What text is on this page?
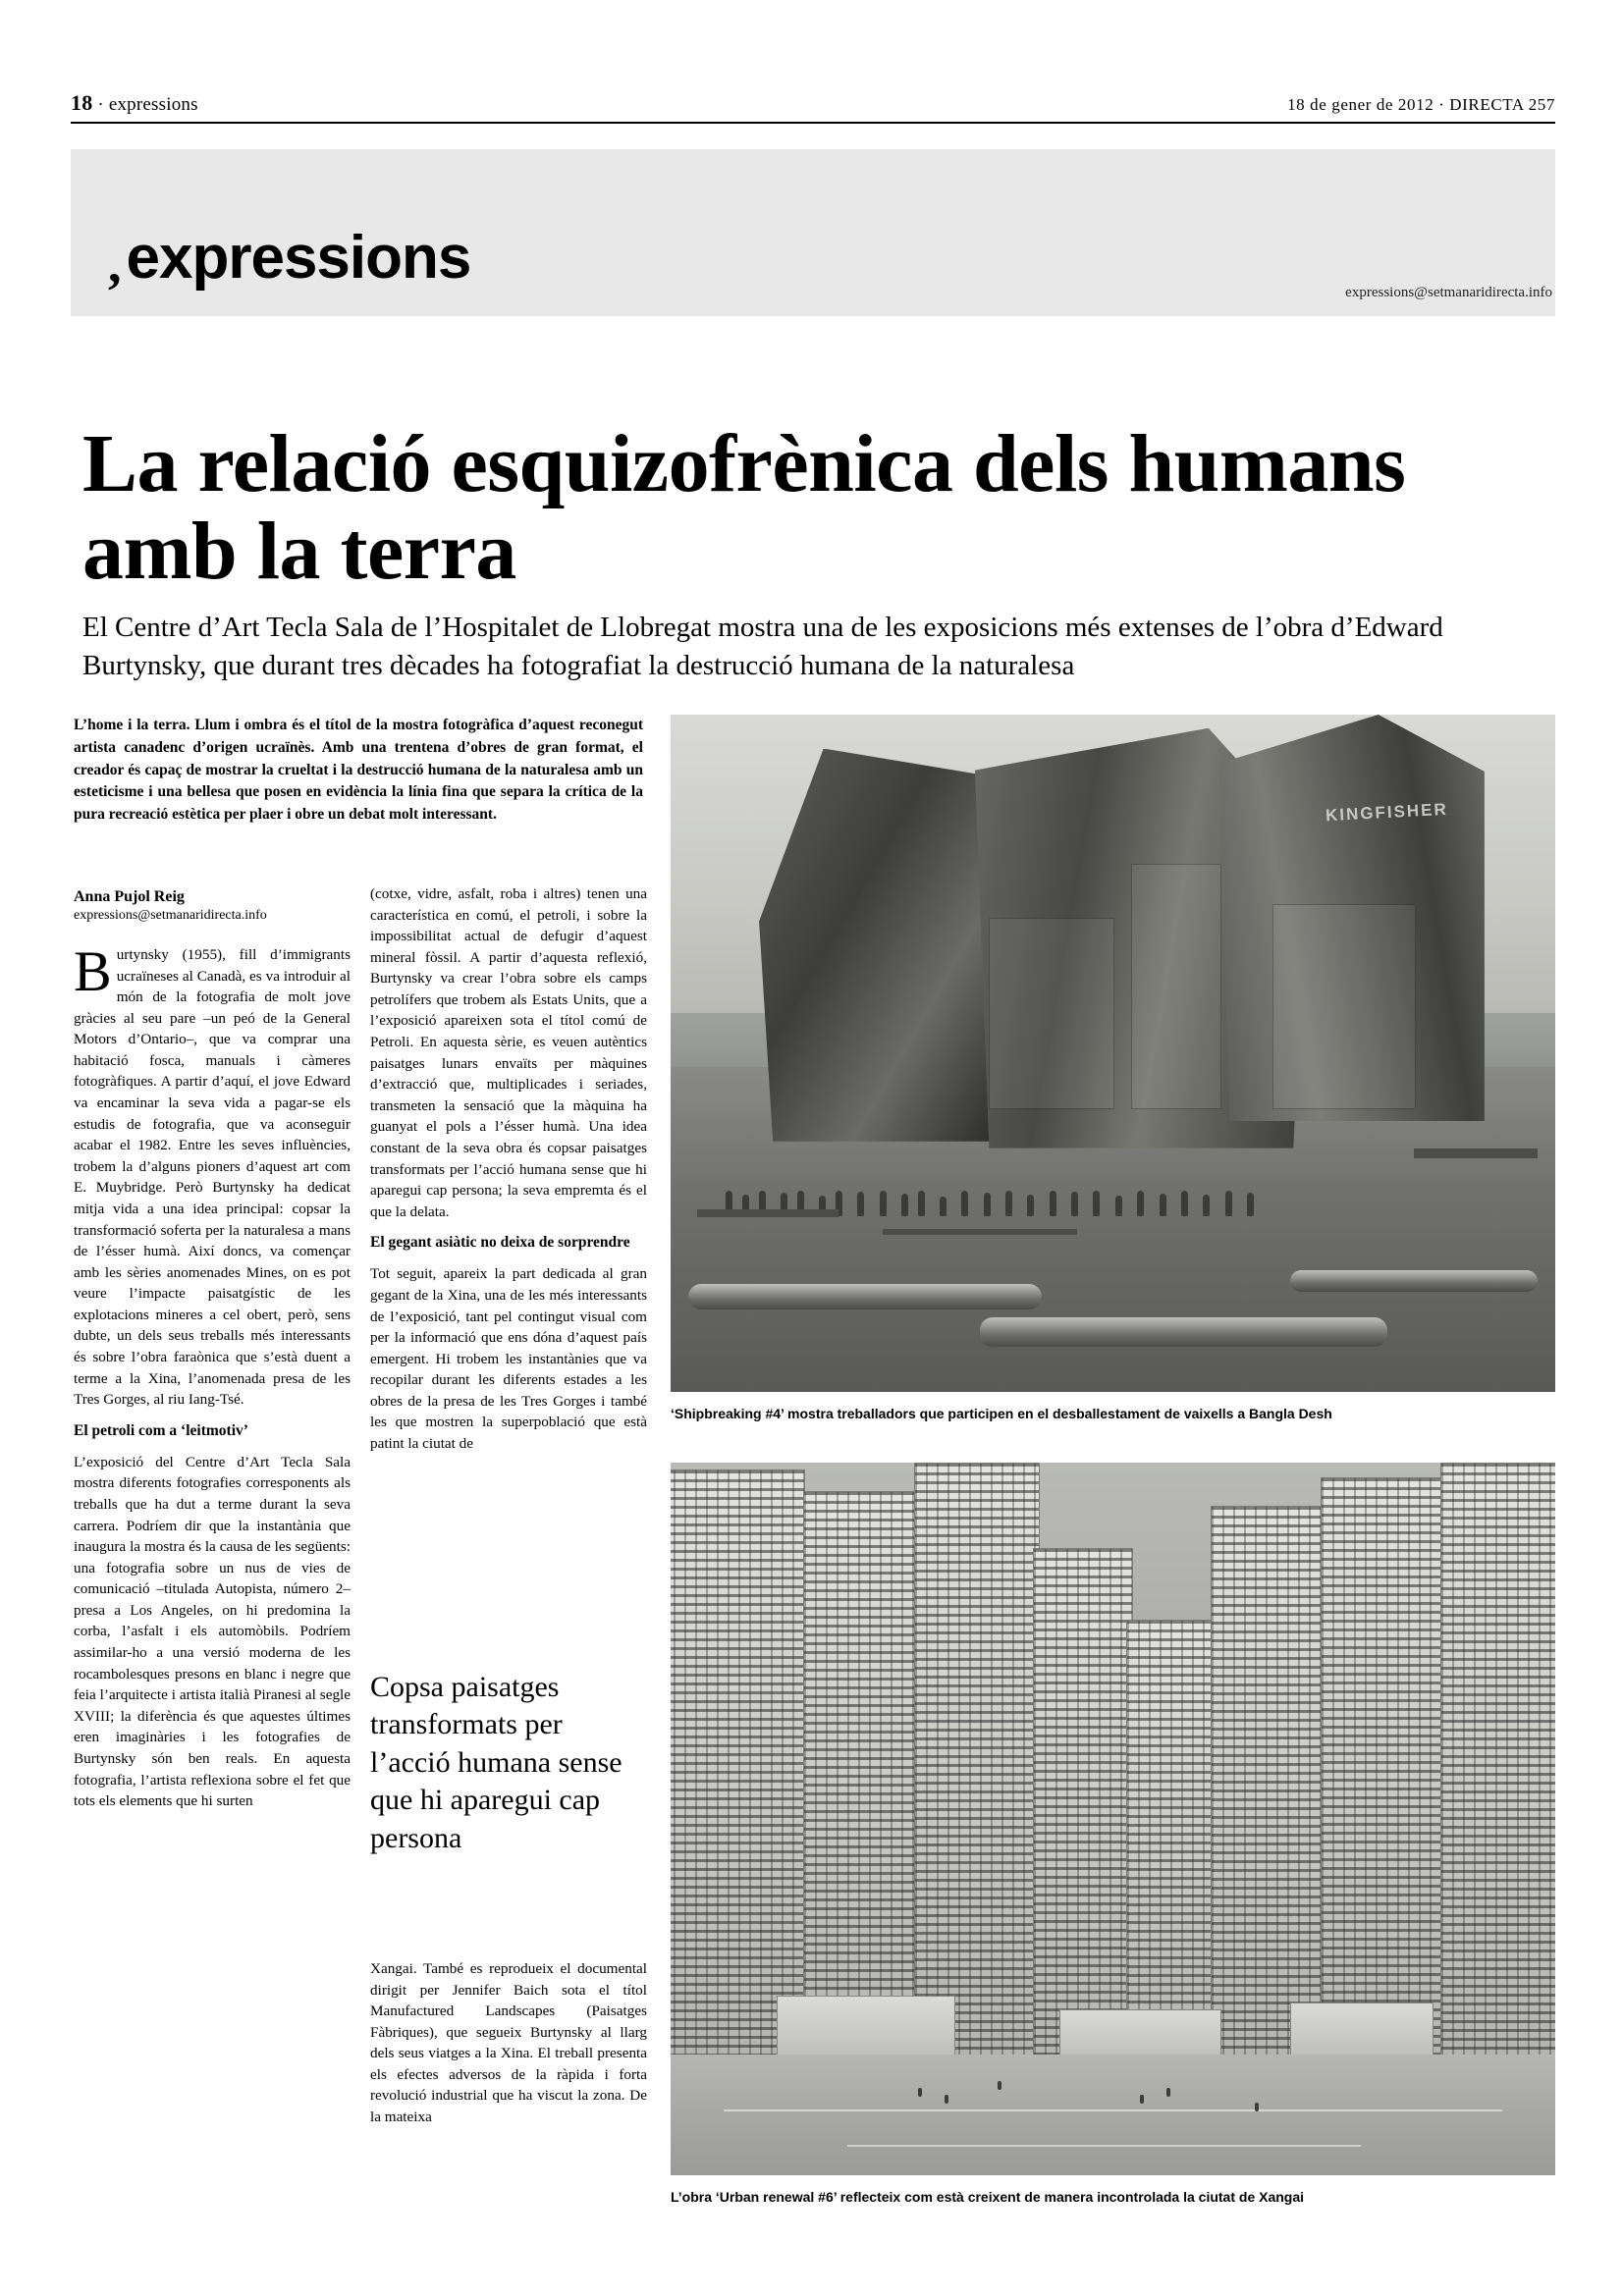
18 · expressions	18 de gener de 2012 · DIRECTA 257
,expressions
expressions@setmanaridirecta.info
La relació esquizofrènica dels humans amb la terra
El Centre d’Art Tecla Sala de l’Hospitalet de Llobregat mostra una de les exposicions més extenses de l’obra d’Edward Burtynsky, que durant tres dècades ha fotografiat la destrucció humana de la naturalesa
L’home i la terra. Llum i ombra és el títol de la mostra fotogràfica d’aquest reconegut artista canadenc d’origen ucraïnès. Amb una trentena d’obres de gran format, el creador és capaç de mostrar la crueltat i la destrucció humana de la naturalesa amb un esteticisme i una bellesa que posen en evidència la línia fina que separa la crítica de la pura recreació estètica per plaer i obre un debat molt interessant.
Anna Pujol Reig
expressions@setmanaridirecta.info

Burtynsky (1955), fill d’immigrants ucraïneses al Canadà, es va introduir al món de la fotografia de molt jove gràcies al seu pare –un peó de la General Motors d’Ontario–, que va comprar una habitació fosca, manuals i càmeres fotogràfiques. A partir d’aquí, el jove Edward va encaminar la seva vida a pagar-se els estudis de fotografia, que va aconseguir acabar el 1982. Entre les seves influències, trobem la d’alguns pioners d’aquest art com E. Muybridge. Però Burtynsky ha dedicat mitja vida a una idea principal: copsar la transformació soferta per la naturalesa a mans de l’ésser humà. Així doncs, va començar amb les sèries anomenades Mines, on es pot veure l’impacte paisatgístic de les explotacions mineres a cel obert, però, sens dubte, un dels seus treballs més interessants és sobre l’obra faraònica que s’està duent a terme a la Xina, l’anomenada presa de les Tres Gorges, al riu Iang-Tsé.

El petroli com a ‘leitmotiv’

L’exposició del Centre d’Art Tecla Sala mostra diferents fotografies corresponents als treballs que ha dut a terme durant la seva carrera. Podríem dir que la instantània que inaugura la mostra és la causa de les següents: una fotografia sobre un nus de vies de comunicació –titulada Autopista, número 2– presa a Los Angeles, on hi predomina la corba, l’asfalt i els automòbils. Podríem assimilar-ho a una versió moderna de les rocambolesques presons en blanc i negre que feia l’arquitecte i artista italià Piranesi al segle XVIII; la diferència és que aquestes últimes eren imaginàries i les fotografies de Burtynsky són ben reals. En aquesta fotografia, l’artista reflexiona sobre el fet que tots els elements que hi surten

(cotxe, vidre, asfalt, roba i altres) tenen una característica en comú, el petroli, i sobre la impossibilitat actual de defugir d’aquest mineral fòssil. A partir d’aquesta reflexió, Burtynsky va crear l’obra sobre els camps petrolífers que trobem als Estats Units, que a l’exposició apareixen sota el títol comú de Petroli. En aquesta sèrie, es veuen autèntics paisatges lunars envaïts per màquines d’extracció que, multiplicades i seriades, transmeten la sensació que la màquina ha guanyat el pols a l’ésser humà. Una idea constant de la seva obra és copsar paisatges transformats per l’acció humana sense que hi aparegui cap persona; la seva empremta és el que la delata.

El gegant asiàtic no deixa de sorprendre

Tot seguit, apareix la part dedicada al gran gegant de la Xina, una de les més interessants de l’exposició, tant pel contingut visual com per la informació que ens dóna d’aquest país emergent. Hi trobem les instantànies que va recopilar durant les diferents estades a les obres de la presa de les Tres Gorges i també les que mostren la superpoblació que està patint la ciutat de

Copsa paisatges transformats per l’acció humana sense que hi aparegui cap persona

Xangai. També es reprodueix el documental dirigit per Jennifer Baich sota el títol Manufactured Landscapes (Paisatges Fàbriques), que segueix Burtynsky al llarg dels seus viatges a la Xina. El treball presenta els efectes adversos de la ràpida i forta revolució industrial que ha viscut la zona. De la mateixa

KINGFISHER
‘Shipbreaking #4’ mostra treballadors que participen en el desballestament de vaixells a Bangla Desh
L’obra ‘Urban renewal #6’ reflecteix com està creixent de manera incontrolada la ciutat de Xangai
